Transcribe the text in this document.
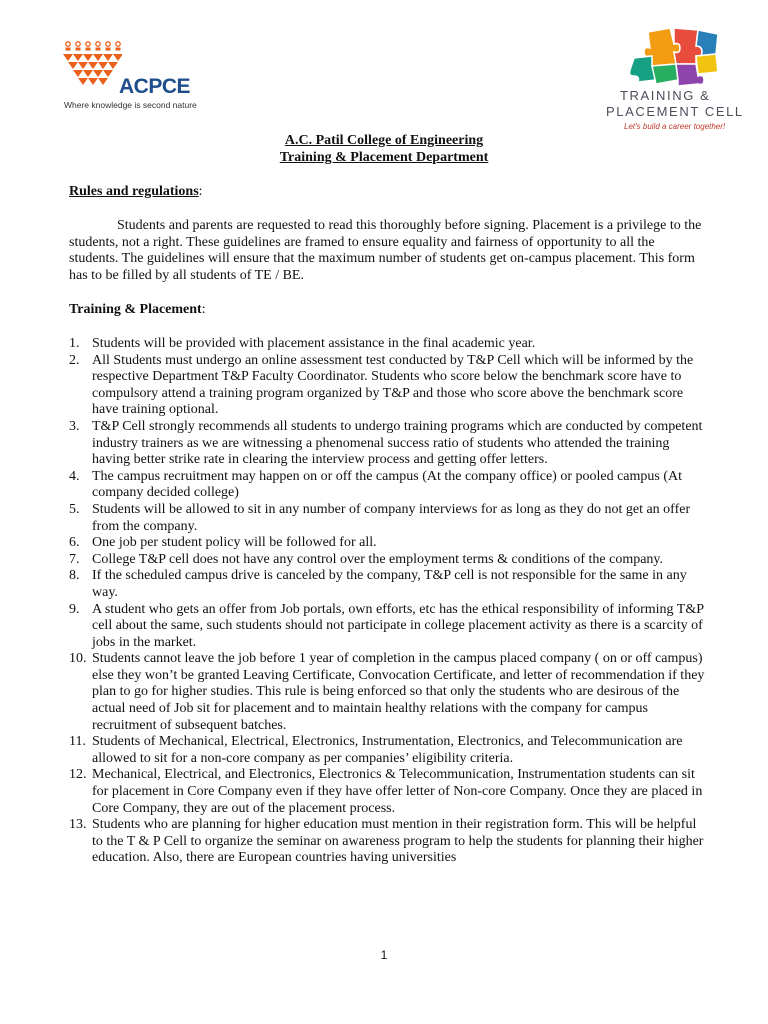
ACPCE
Where knowledge is second nature
TRAINING &
PLACEMENT CELL
Let's build a career together!
A.C. Patil College of Engineering
Training & Placement Department
Rules and regulations:
Students and parents are requested to read this thoroughly before signing. Placement is a privilege to the students, not a right. These guidelines are framed to ensure equality and fairness of opportunity to all the students. The guidelines will ensure that the maximum number of students get on-campus placement. This form has to be filled by all students of TE / BE.
Training & Placement:
1. Students will be provided with placement assistance in the final academic year.
2. All Students must undergo an online assessment test conducted by T&P Cell which will be informed by the respective Department T&P Faculty Coordinator. Students who score below the benchmark score have to compulsory attend a training program organized by T&P and those who score above the benchmark score have training optional.
3. T&P Cell strongly recommends all students to undergo training programs which are conducted by competent industry trainers as we are witnessing a phenomenal success ratio of students who attended the training having better strike rate in clearing the interview process and getting offer letters.
4. The campus recruitment may happen on or off the campus (At the company office) or pooled campus (At company decided college)
5. Students will be allowed to sit in any number of company interviews for as long as they do not get an offer from the company.
6. One job per student policy will be followed for all.
7. College T&P cell does not have any control over the employment terms & conditions of the company.
8. If the scheduled campus drive is canceled by the company, T&P cell is not responsible for the same in any way.
9. A student who gets an offer from Job portals, own efforts, etc has the ethical responsibility of informing T&P cell about the same, such students should not participate in college placement activity as there is a scarcity of jobs in the market.
10. Students cannot leave the job before 1 year of completion in the campus placed company ( on or off campus) else they won’t be granted Leaving Certificate, Convocation Certificate, and letter of recommendation if they plan to go for higher studies. This rule is being enforced so that only the students who are desirous of the actual need of Job sit for placement and to maintain healthy relations with the company for campus recruitment of subsequent batches.
11. Students of Mechanical, Electrical, Electronics, Instrumentation, Electronics, and Telecommunication are allowed to sit for a non-core company as per companies’ eligibility criteria.
12. Mechanical, Electrical, and Electronics, Electronics & Telecommunication, Instrumentation students can sit for placement in Core Company even if they have offer letter of Non-core Company. Once they are placed in Core Company, they are out of the placement process.
13. Students who are planning for higher education must mention in their registration form. This will be helpful to the T & P Cell to organize the seminar on awareness program to help the students for planning their higher education. Also, there are European countries having universities
1
